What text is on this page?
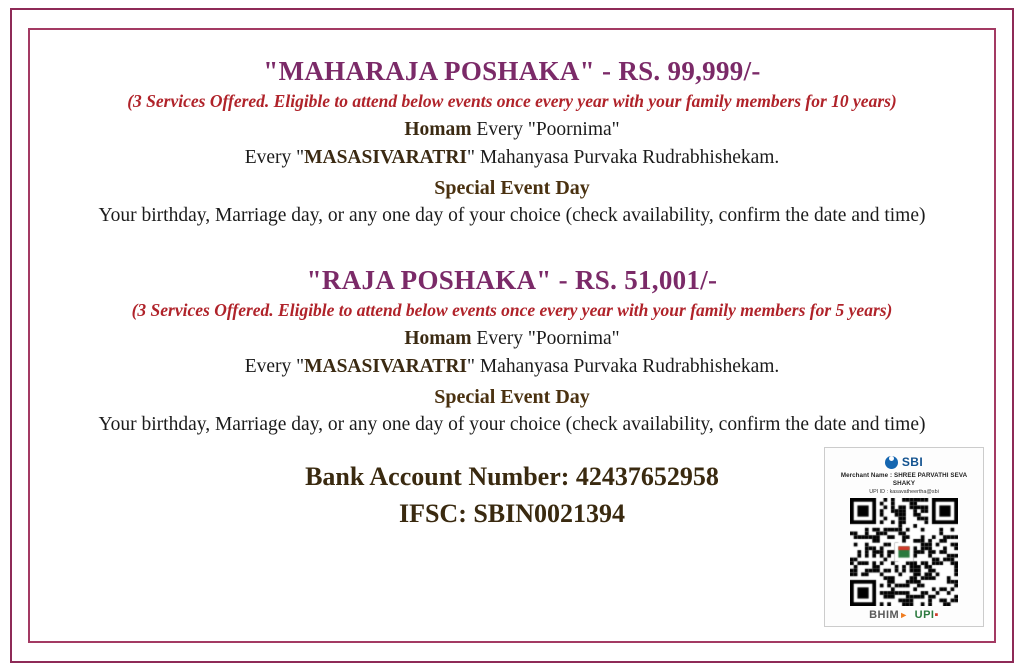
"MAHARAJA POSHAKA" - RS. 99,999/-
(3 Services Offered. Eligible to attend below events once every year with your family members for 10 years)
Homam Every "Poornima"
Every "MASASIVARATRI" Mahanyasa Purvaka Rudrabhishekam.
Special Event Day
Your birthday, Marriage day, or any one day of your choice (check availability, confirm the date and time)
"RAJA POSHAKA" - RS. 51,001/-
(3 Services Offered. Eligible to attend below events once every year with your family members for 5 years)
Homam Every "Poornima"
Every "MASASIVARATRI" Mahanyasa Purvaka Rudrabhishekam.
Special Event Day
Your birthday, Marriage day, or any one day of your choice (check availability, confirm the date and time)
Bank Account Number: 42437652958
IFSC: SBIN0021394
SBI
Merchant Name : SHREE PARVATHI SEVA SHAKY
UPI ID : kasavatheertha@sbi
BHIM► UPI▪
